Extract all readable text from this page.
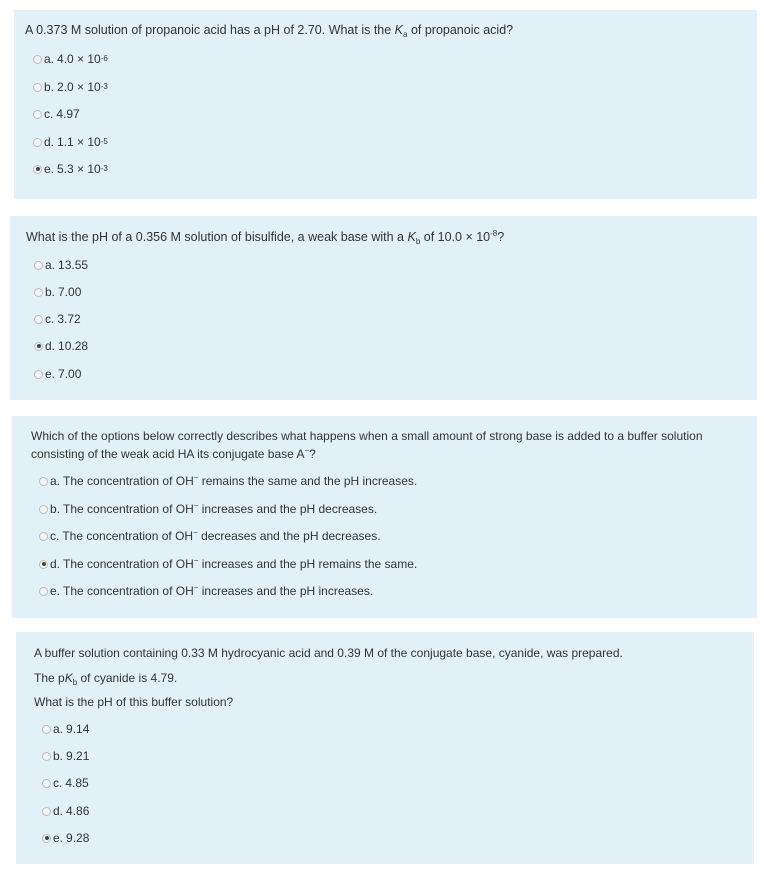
A 0.373 M solution of propanoic acid has a pH of 2.70. What is the $K_a$ of propanoic acid?
a. 4.0 × 10 -6
b. 2.0 × 10 -3
c. 4.97
d. 1.1 × 10 -5
e. 5.3 × 10 -3
What is the pH of a 0.356 M solution of bisulfide, a weak base with a $K_b$ of $10.0 \times 10^{-8}$?
a. 13.55
b. 7.00
c. 3.72
d. 10.28
e. 7.00
Which of the options below correctly describes what happens when a small amount of strong base is added to a buffer solution
consisting of the weak acid HA its conjugate base A−?
a. The concentration of OH− remains the same and the pH increases.
b. The concentration of OH− increases and the pH decreases.
c. The concentration of OH− decreases and the pH decreases.
d. The concentration of OH− increases and the pH remains the same.
e. The concentration of OH− increases and the pH increases.
A buffer solution containing 0.33 M hydrocyanic acid and 0.39 M of the conjugate base, cyanide, was prepared.
The $pK_b$ of cyanide is 4.79.
What is the pH of this buffer solution?
a. 9.14
b. 9.21
c. 4.85
d. 4.86
e. 9.28
